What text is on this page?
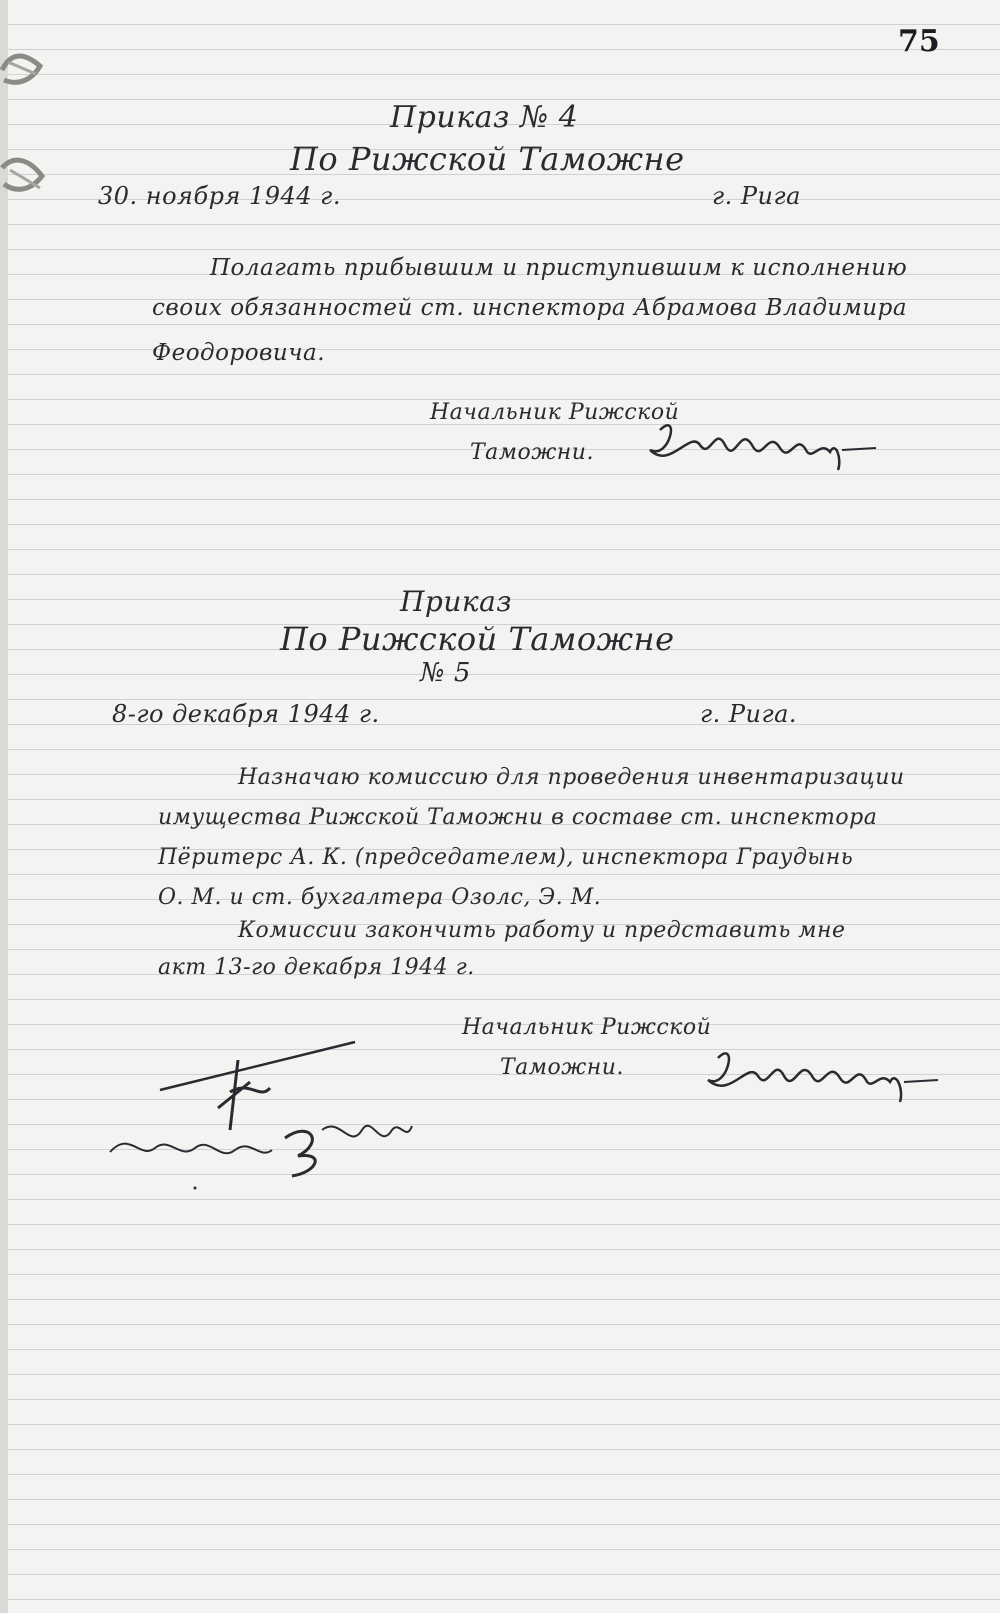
75
Приказ № 4
По Рижской Таможне
30. ноября 1944 г.	г. Рига
Полагать прибывшим и приступившим к исполнению
своих обязанностей ст. инспектора Абрамова Владимира
Феодоровича.
Начальник Рижской
Таможни.
Приказ
По Рижской Таможне
№ 5
8-го декабря 1944 г.	г. Рига.
Назначаю комиссию для проведения инвентаризации
имущества Рижской Таможни в составе ст. инспектора
Пёритерс А. К. (председателем), инспектора Граудынь
О. М. и ст. бухгалтера Озолс, Э. М.
Комиссии закончить работу и представить мне
акт 13-го декабря 1944 г.
Начальник Рижской
Таможни.
